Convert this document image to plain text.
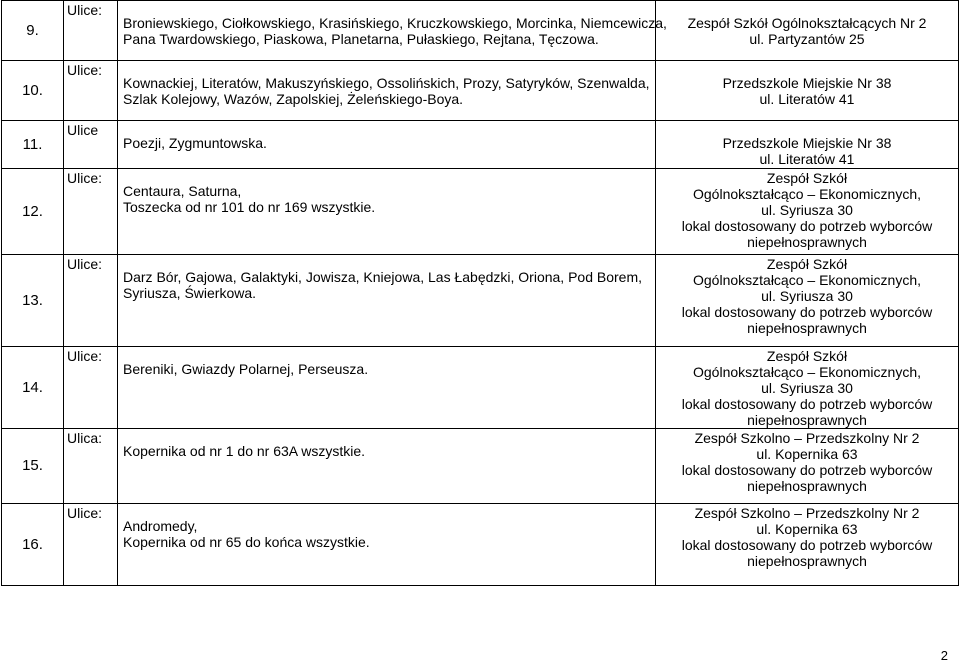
9.	Ulice:	Broniewskiego, Ciołkowskiego, Krasińskiego, Kruczkowskiego, Morcinka, Niemcewicza,
Pana Twardowskiego, Piaskowa, Planetarna, Pułaskiego, Rejtana, Tęczowa.	Zespół Szkół Ogólnokształcących Nr 2
ul. Partyzantów 25

10.	Ulice:	Kownackiej, Literatów, Makuszyńskiego, Ossolińskich, Prozy, Satyryków, Szenwalda,
Szlak Kolejowy, Wazów, Zapolskiej, Żeleńskiego-Boya.	Przedszkole Miejskie Nr 38
ul. Literatów 41

11.	Ulice	Poezji, Zygmuntowska.	Przedszkole Miejskie Nr 38
ul. Literatów 41

12.	Ulice:	Centaura, Saturna,
Toszecka od nr 101 do nr 169 wszystkie.	Zespół Szkół
Ogólnokształcąco – Ekonomicznych,
ul. Syriusza 30
lokal dostosowany do potrzeb wyborców
niepełnosprawnych

13.	Ulice:	Darz Bór, Gajowa, Galaktyki, Jowisza, Kniejowa, Las Łabędzki, Oriona, Pod Borem,
Syriusza, Świerkowa.	Zespół Szkół
Ogólnokształcąco – Ekonomicznych,
ul. Syriusza 30
lokal dostosowany do potrzeb wyborców
niepełnosprawnych

14.	Ulice:	Bereniki, Gwiazdy Polarnej, Perseusza.	Zespół Szkół
Ogólnokształcąco – Ekonomicznych,
ul. Syriusza 30
lokal dostosowany do potrzeb wyborców
niepełnosprawnych

15.	Ulica:	Kopernika od nr 1 do nr 63A wszystkie.	Zespół Szkolno – Przedszkolny Nr 2
ul. Kopernika 63
lokal dostosowany do potrzeb wyborców
niepełnosprawnych

16.	Ulice:	Andromedy,
Kopernika od nr 65 do końca wszystkie.	Zespół Szkolno – Przedszkolny Nr 2
ul. Kopernika 63
lokal dostosowany do potrzeb wyborców
niepełnosprawnych
2
